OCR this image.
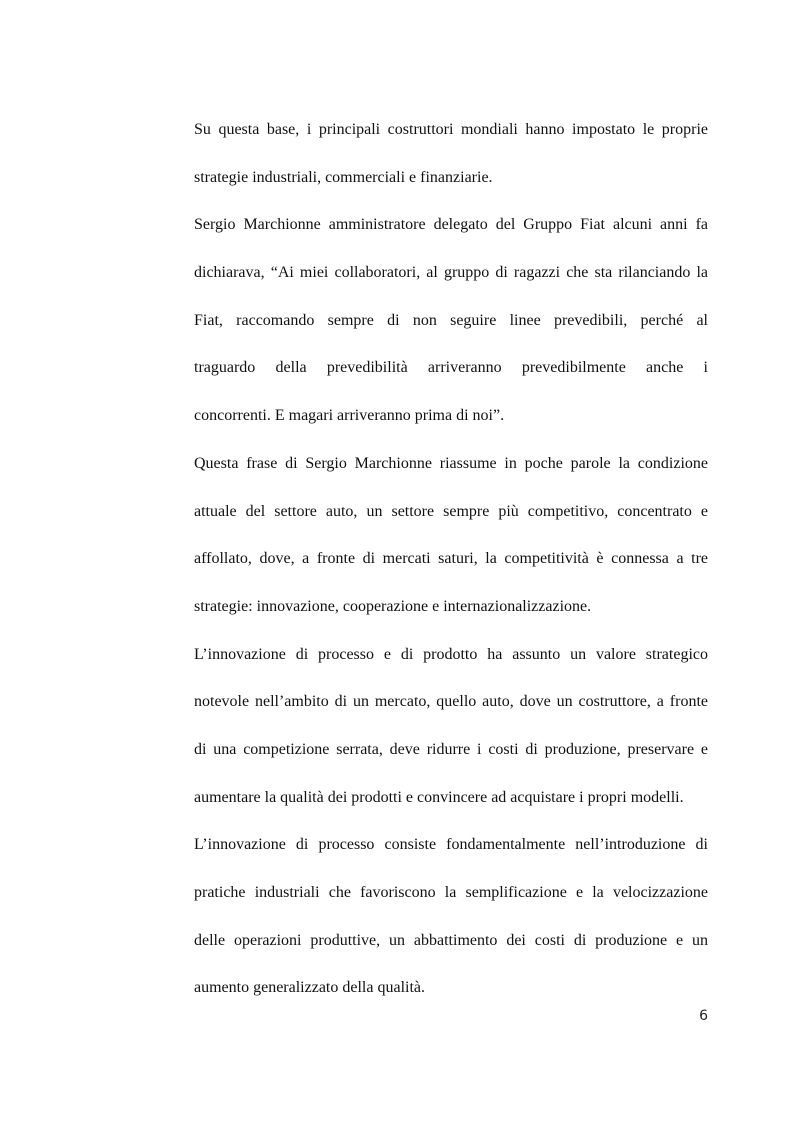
Su questa base, i principali costruttori mondiali hanno impostato le proprie
strategie industriali, commerciali e finanziarie.
Sergio Marchionne amministratore delegato del Gruppo Fiat alcuni anni fa
dichiarava, “Ai miei collaboratori, al gruppo di ragazzi che sta rilanciando la
Fiat, raccomando sempre di non seguire linee prevedibili, perché al
traguardo della prevedibilità arriveranno prevedibilmente anche i
concorrenti. E magari arriveranno prima di noi”.
Questa frase di Sergio Marchionne riassume in poche parole la condizione
attuale del settore auto, un settore sempre più competitivo, concentrato e
affollato, dove, a fronte di mercati saturi, la competitività è connessa a tre
strategie: innovazione, cooperazione e internazionalizzazione.
L’innovazione di processo e di prodotto ha assunto un valore strategico
notevole nell’ambito di un mercato, quello auto, dove un costruttore, a fronte
di una competizione serrata, deve ridurre i costi di produzione, preservare e
aumentare la qualità dei prodotti e convincere ad acquistare i propri modelli.
L’innovazione di processo consiste fondamentalmente nell’introduzione di
pratiche industriali che favoriscono la semplificazione e la velocizzazione
delle operazioni produttive, un abbattimento dei costi di produzione e un
aumento generalizzato della qualità.
6
